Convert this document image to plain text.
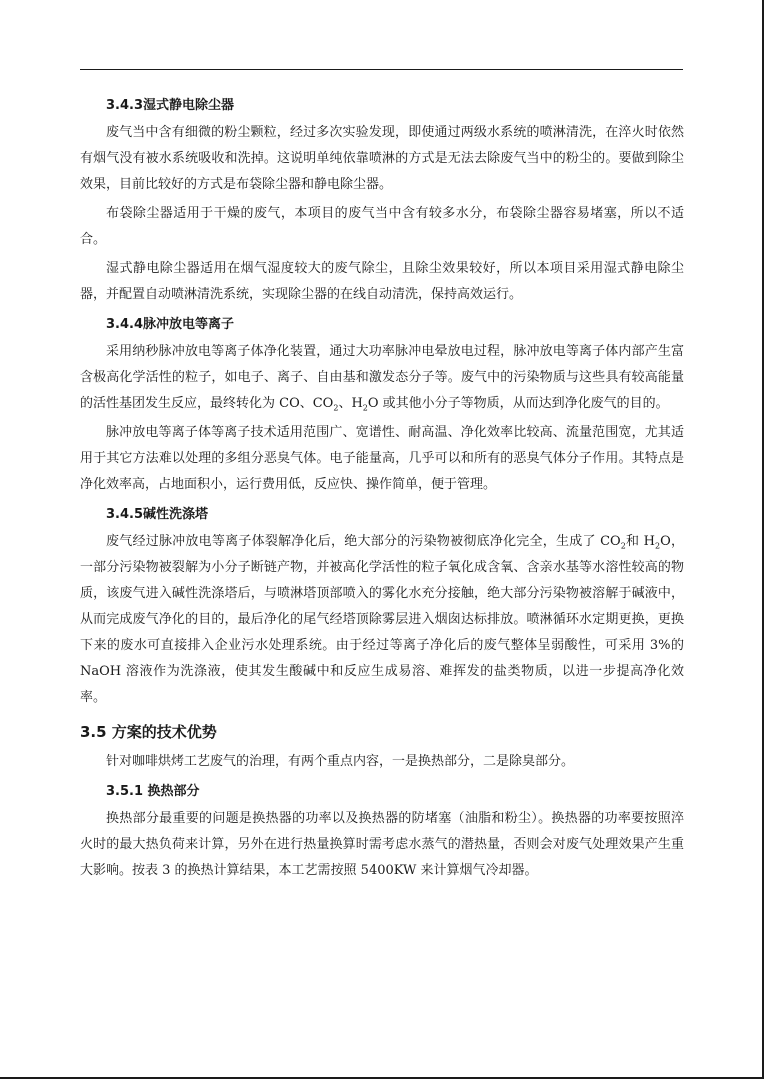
3.4.3湿式静电除尘器

废气当中含有细微的粉尘颗粒，经过多次实验发现，即使通过两级水系统的喷淋清洗，在淬火时依然有烟气没有被水系统吸收和洗掉。这说明单纯依靠喷淋的方式是无法去除废气当中的粉尘的。要做到除尘效果，目前比较好的方式是布袋除尘器和静电除尘器。

布袋除尘器适用于干燥的废气，本项目的废气当中含有较多水分，布袋除尘器容易堵塞，所以不适合。

湿式静电除尘器适用在烟气湿度较大的废气除尘，且除尘效果较好，所以本项目采用湿式静电除尘器，并配置自动喷淋清洗系统，实现除尘器的在线自动清洗，保持高效运行。

3.4.4脉冲放电等离子

采用纳秒脉冲放电等离子体净化装置，通过大功率脉冲电晕放电过程，脉冲放电等离子体内部产生富含极高化学活性的粒子，如电子、离子、自由基和激发态分子等。废气中的污染物质与这些具有较高能量的活性基团发生反应，最终转化为 CO、$CO_2$、$H_2O$ 或其他小分子等物质，从而达到净化废气的目的。

脉冲放电等离子体等离子技术适用范围广、宽谱性、耐高温、净化效率比较高、流量范围宽，尤其适用于其它方法难以处理的多组分恶臭气体。电子能量高，几乎可以和所有的恶臭气体分子作用。其特点是净化效率高，占地面积小，运行费用低，反应快、操作简单，便于管理。

3.4.5碱性洗涤塔

废气经过脉冲放电等离子体裂解净化后，绝大部分的污染物被彻底净化完全，生成了 $CO_2$和 $H_2O$，一部分污染物被裂解为小分子断链产物，并被高化学活性的粒子氧化成含氧、含亲水基等水溶性较高的物质，该废气进入碱性洗涤塔后，与喷淋塔顶部喷入的雾化水充分接触，绝大部分污染物被溶解于碱液中，从而完成废气净化的目的，最后净化的尾气经塔顶除雾层进入烟囱达标排放。喷淋循环水定期更换，更换下来的废水可直接排入企业污水处理系统。由于经过等离子净化后的废气整体呈弱酸性，可采用 3%的 NaOH 溶液作为洗涤液，使其发生酸碱中和反应生成易溶、难挥发的盐类物质，以进一步提高净化效率。

3.5 方案的技术优势

针对咖啡烘烤工艺废气的治理，有两个重点内容，一是换热部分，二是除臭部分。

3.5.1 换热部分

换热部分最重要的问题是换热器的功率以及换热器的防堵塞（油脂和粉尘）。换热器的功率要按照淬火时的最大热负荷来计算，另外在进行热量换算时需考虑水蒸气的潜热量，否则会对废气处理效果产生重大影响。按表 3 的换热计算结果，本工艺需按照 5400KW 来计算烟气冷却器。
